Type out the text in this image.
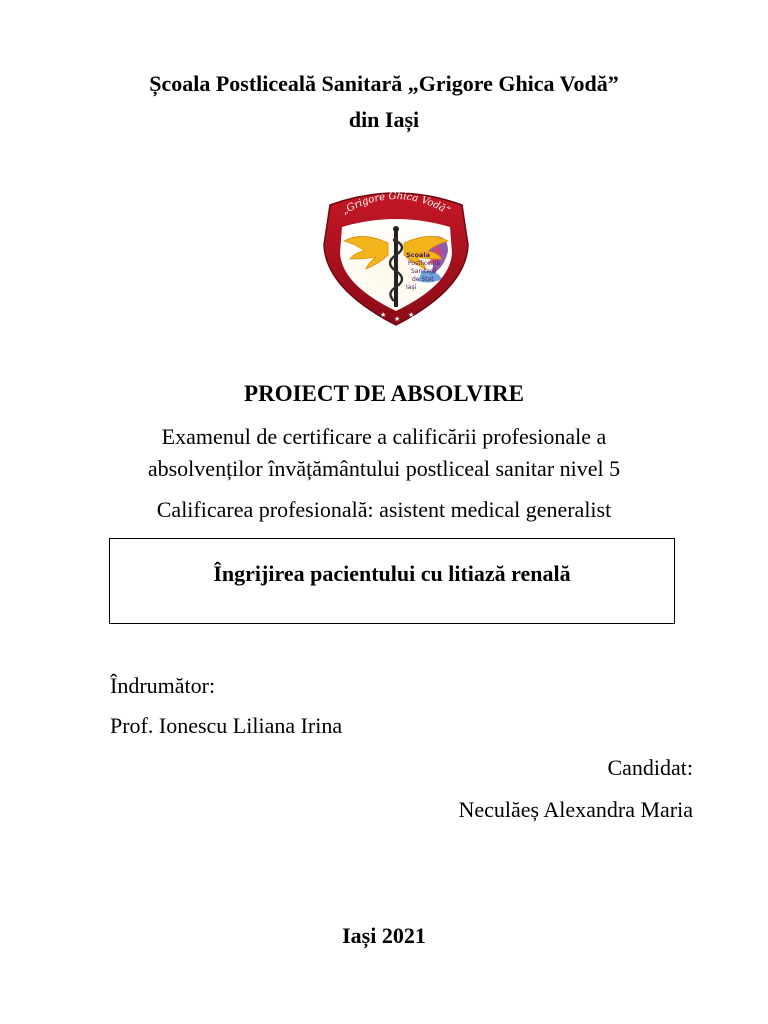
Școala Postliceală Sanitară „Grigore Ghica Vodă”
din Iași
„Grigore Ghica Vodă”
Școala
Postliceală
Sanitară
de Stat
Iași
★ ★ ★
PROIECT DE ABSOLVIRE
Examenul de certificare a calificării profesionale a
absolvenților învățământului postliceal sanitar nivel 5
Calificarea profesională: asistent medical generalist
Îngrijirea pacientului cu litiază renală
Îndrumător:
Prof. Ionescu Liliana Irina
Candidat:
Neculăeș Alexandra Maria
Iași 2021
